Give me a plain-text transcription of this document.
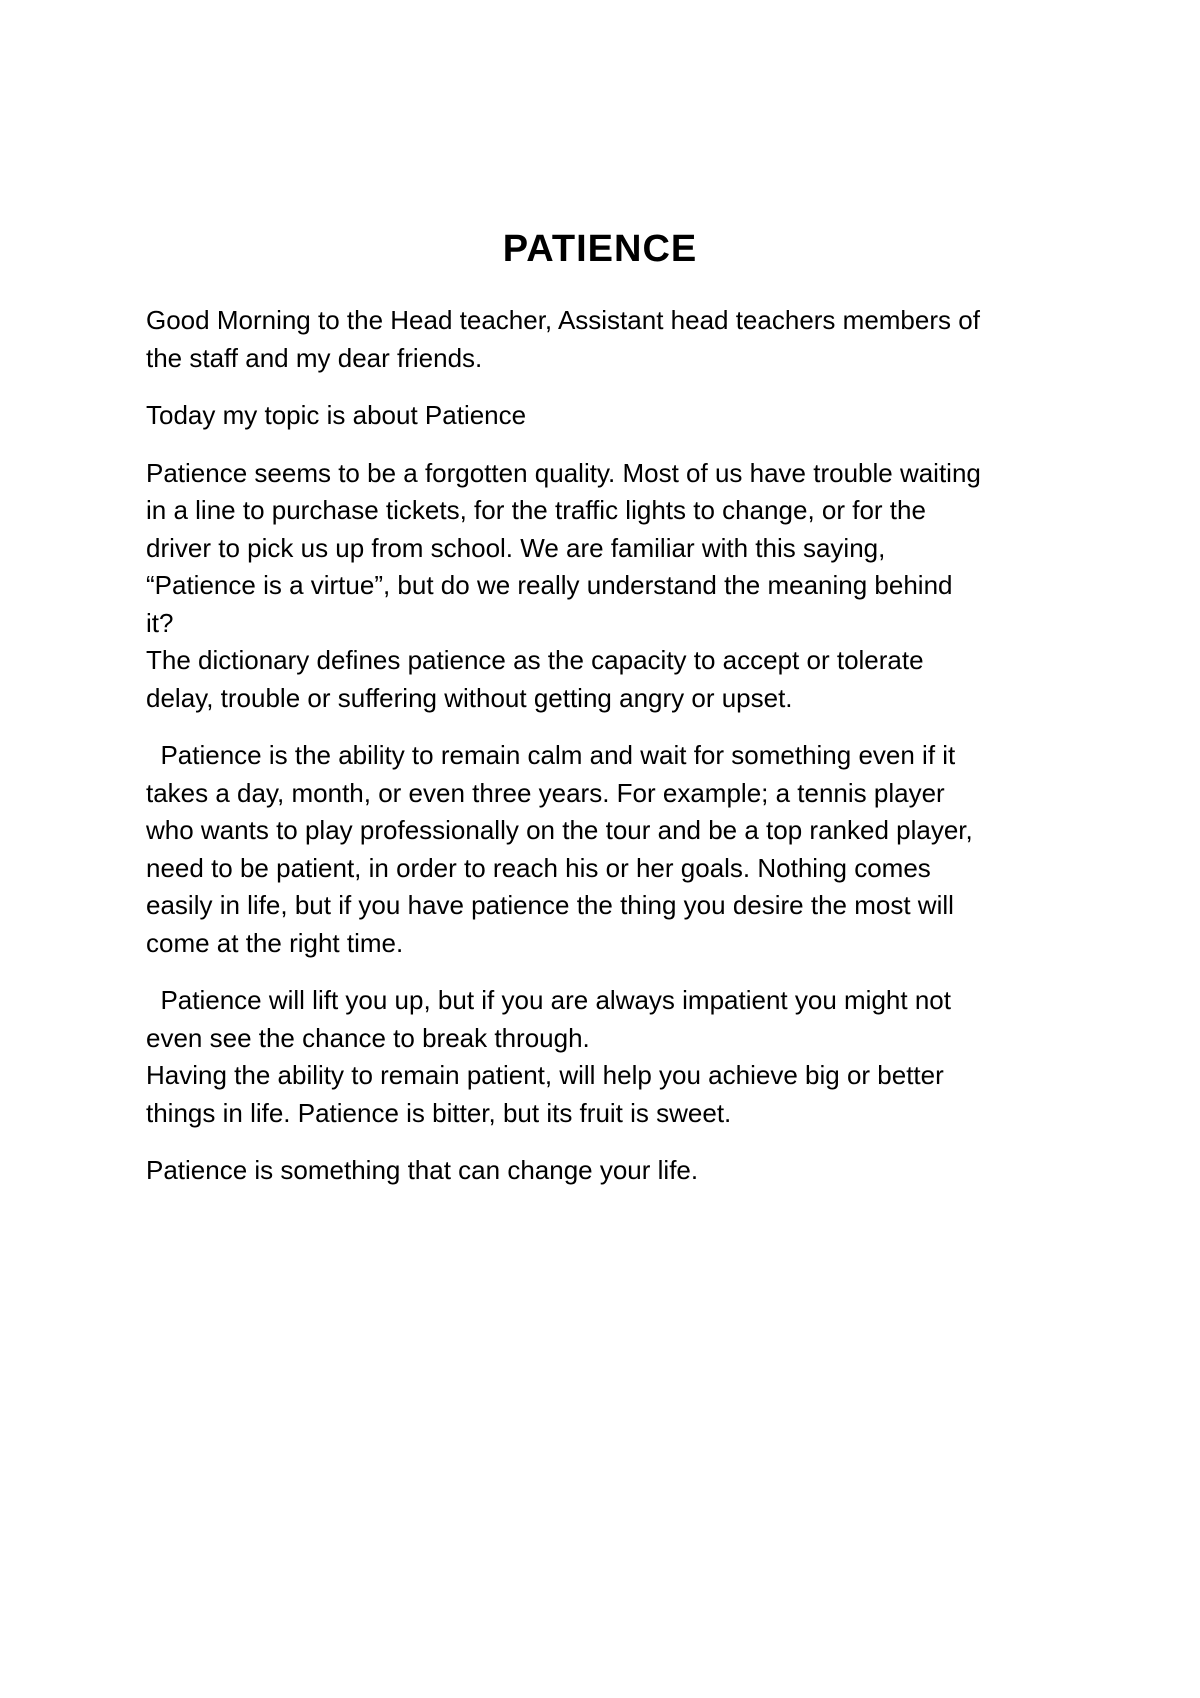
PATIENCE
Good Morning to the Head teacher, Assistant head teachers members of
the staff and my dear friends.
Today my topic is about Patience
Patience seems to be a forgotten quality. Most of us have trouble waiting
in a line to purchase tickets, for the traffic lights to change, or for the
driver to pick us up from school. We are familiar with this saying,
“Patience is a virtue”, but do we really understand the meaning behind
it?
The dictionary defines patience as the capacity to accept or tolerate
delay, trouble or suffering without getting angry or upset.
Patience is the ability to remain calm and wait for something even if it
takes a day, month, or even three years. For example; a tennis player
who wants to play professionally on the tour and be a top ranked player,
need to be patient, in order to reach his or her goals. Nothing comes
easily in life, but if you have patience the thing you desire the most will
come at the right time.
Patience will lift you up, but if you are always impatient you might not
even see the chance to break through.
Having the ability to remain patient, will help you achieve big or better
things in life. Patience is bitter, but its fruit is sweet.
Patience is something that can change your life.
